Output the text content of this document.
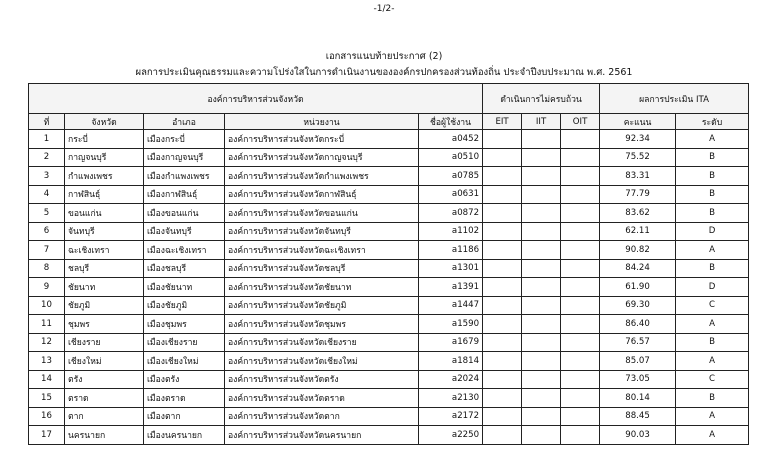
-1/2-
เอกสารแนบท้ายประกาศ (2)
ผลการประเมินคุณธรรมและความโปร่งใสในการดำเนินงานขององค์กรปกครองส่วนท้องถิ่น ประจำปีงบประมาณ พ.ศ. 2561
องค์การบริหารส่วนจังหวัด					ดำเนินการไม่ครบถ้วน			ผลการประเมิน ITA	
ที่	จังหวัด	อำเภอ	หน่วยงาน	ชื่อผู้ใช้งาน	EIT	IIT	OIT	คะแนน	ระดับ
1	กระบี่	เมืองกระบี่	องค์การบริหารส่วนจังหวัดกระบี่	a0452				92.34	A
2	กาญจนบุรี	เมืองกาญจนบุรี	องค์การบริหารส่วนจังหวัดกาญจนบุรี	a0510				75.52	B
3	กำแพงเพชร	เมืองกำแพงเพชร	องค์การบริหารส่วนจังหวัดกำแพงเพชร	a0785				83.31	B
4	กาฬสินธุ์	เมืองกาฬสินธุ์	องค์การบริหารส่วนจังหวัดกาฬสินธุ์	a0631				77.79	B
5	ขอนแก่น	เมืองขอนแก่น	องค์การบริหารส่วนจังหวัดขอนแก่น	a0872				83.62	B
6	จันทบุรี	เมืองจันทบุรี	องค์การบริหารส่วนจังหวัดจันทบุรี	a1102				62.11	D
7	ฉะเชิงเทรา	เมืองฉะเชิงเทรา	องค์การบริหารส่วนจังหวัดฉะเชิงเทรา	a1186				90.82	A
8	ชลบุรี	เมืองชลบุรี	องค์การบริหารส่วนจังหวัดชลบุรี	a1301				84.24	B
9	ชัยนาท	เมืองชัยนาท	องค์การบริหารส่วนจังหวัดชัยนาท	a1391				61.90	D
10	ชัยภูมิ	เมืองชัยภูมิ	องค์การบริหารส่วนจังหวัดชัยภูมิ	a1447				69.30	C
11	ชุมพร	เมืองชุมพร	องค์การบริหารส่วนจังหวัดชุมพร	a1590				86.40	A
12	เชียงราย	เมืองเชียงราย	องค์การบริหารส่วนจังหวัดเชียงราย	a1679				76.57	B
13	เชียงใหม่	เมืองเชียงใหม่	องค์การบริหารส่วนจังหวัดเชียงใหม่	a1814				85.07	A
14	ตรัง	เมืองตรัง	องค์การบริหารส่วนจังหวัดตรัง	a2024				73.05	C
15	ตราด	เมืองตราด	องค์การบริหารส่วนจังหวัดตราด	a2130				80.14	B
16	ตาก	เมืองตาก	องค์การบริหารส่วนจังหวัดตาก	a2172				88.45	A
17	นครนายก	เมืองนครนายก	องค์การบริหารส่วนจังหวัดนครนายก	a2250				90.03	A
